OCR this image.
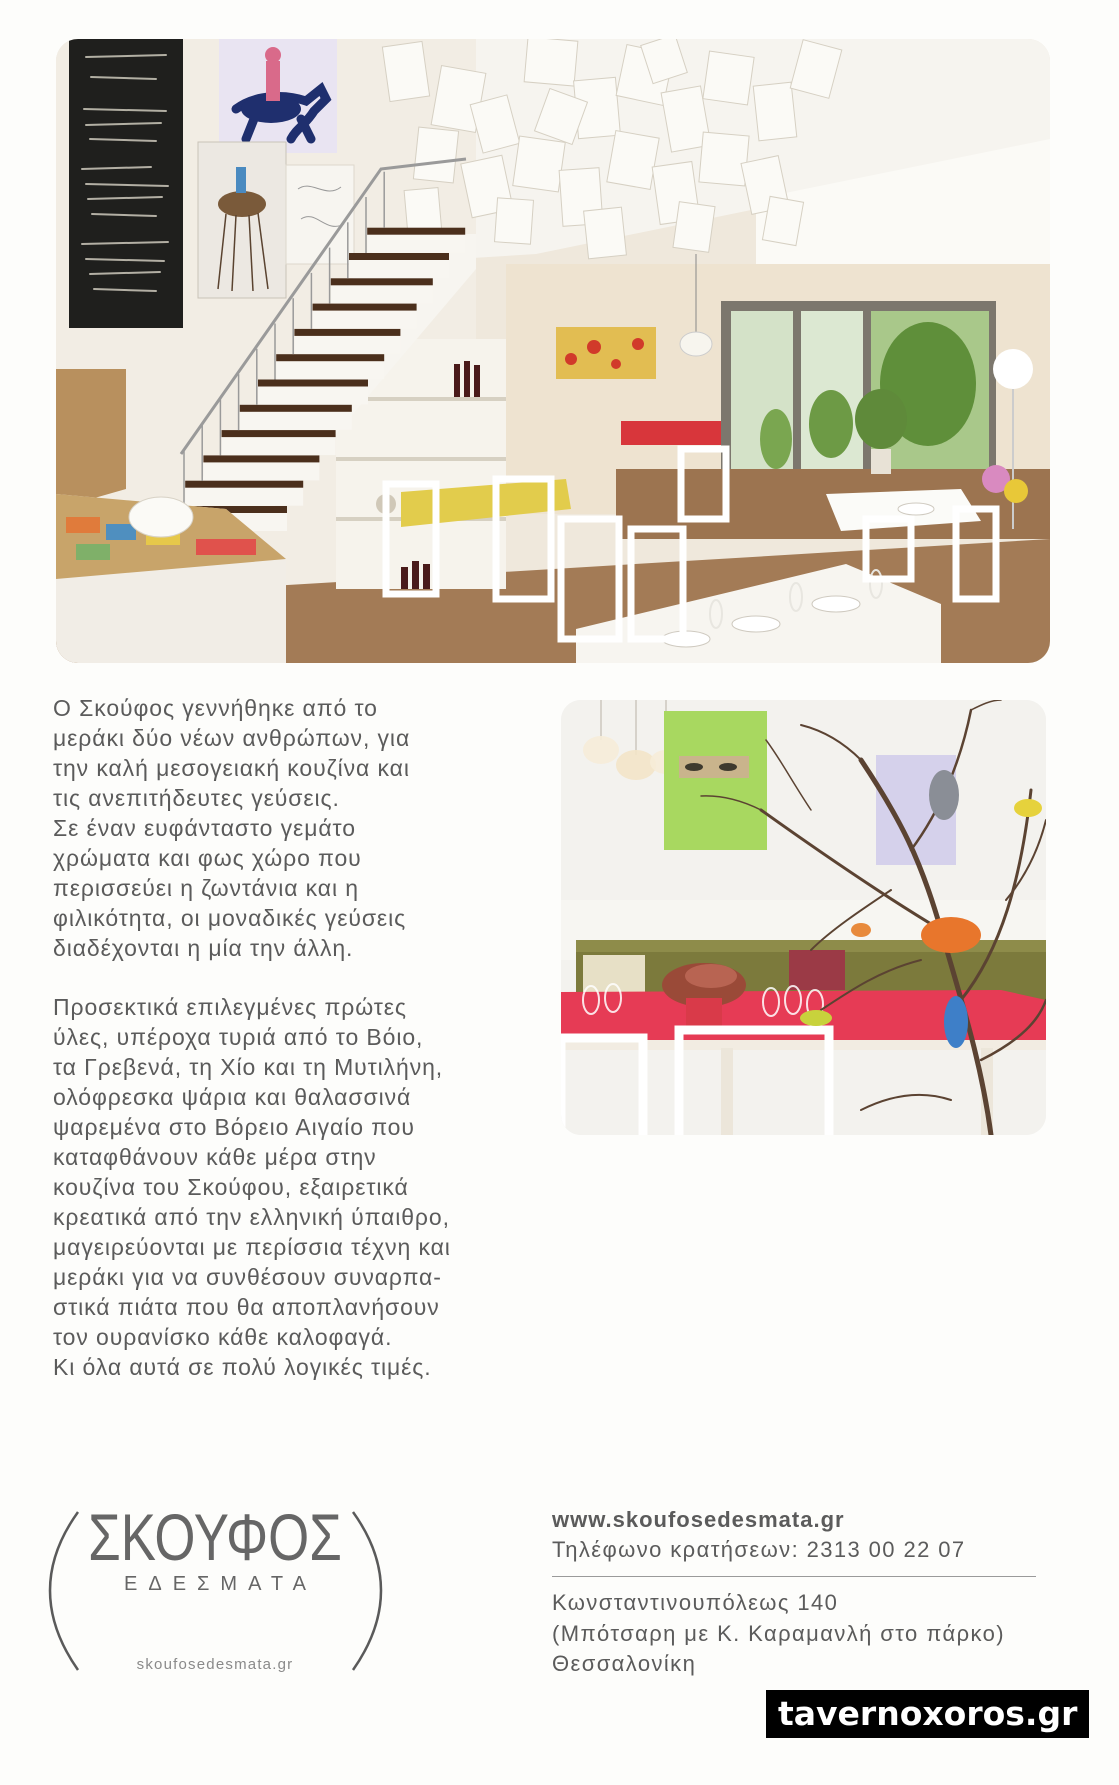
Ο Σκούφος γεννήθηκε από το
μεράκι δύο νέων ανθρώπων, για
την καλή μεσογειακή κουζίνα και
τις ανεπιτήδευτες γεύσεις.
Σε έναν ευφάνταστο γεμάτο
χρώματα και φως χώρο που
περισσεύει η ζωντάνια και η
φιλικότητα, οι μοναδικές γεύσεις
διαδέχονται η μία την άλλη.
Προσεκτικά επιλεγμένες πρώτες
ύλες, υπέροχα τυριά από το Βόιο,
τα Γρεβενά, τη Χίο και τη Μυτιλήνη,
ολόφρεσκα ψάρια και θαλασσινά
ψαρεμένα στο Βόρειο Αιγαίο που
καταφθάνουν κάθε μέρα στην
κουζίνα του Σκούφου, εξαιρετικά
κρεατικά από την ελληνική ύπαιθρο,
μαγειρεύονται με περίσσια τέχνη και
μεράκι για να συνθέσουν συναρπα-
στικά πιάτα που θα αποπλανήσουν
τον ουρανίσκο κάθε καλοφαγά.
Κι όλα αυτά σε πολύ λογικές τιμές.
ΣΚΟΥΦΟΣ
ΕΔΕΣΜΑΤΑ
skoufosedesmata.gr
www.skoufosedesmata.gr
Τηλέφωνο κρατήσεων: 2313 00 22 07
Κωνσταντινουπόλεως 140
(Μπότσαρη με Κ. Καραμανλή στο πάρκο)
Θεσσαλονίκη
tavernoxoros.gr
